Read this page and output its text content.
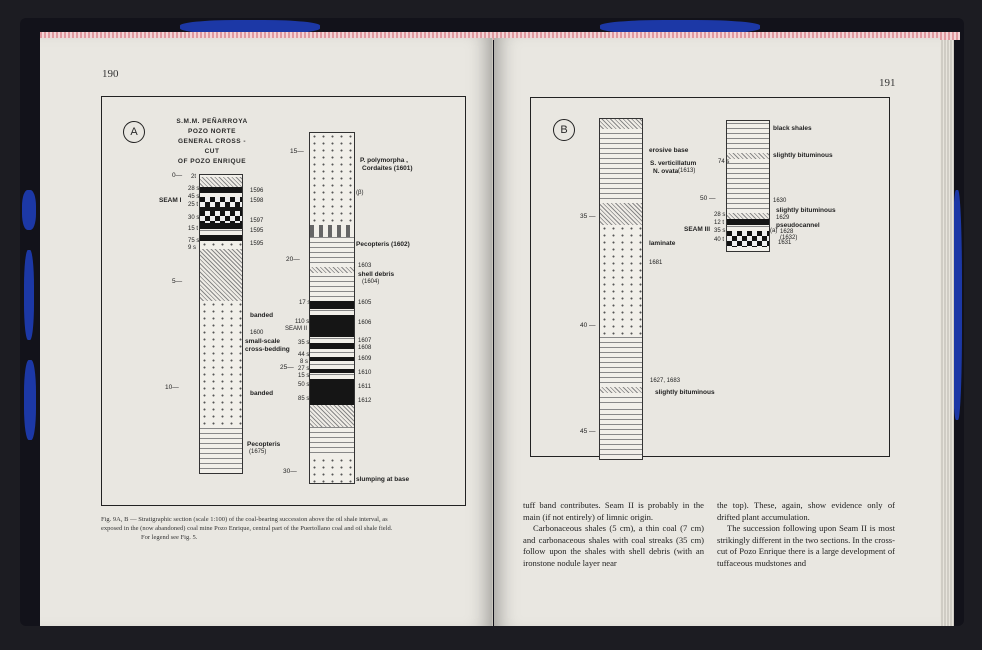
190
A
S.M.M. PEÑARROYA
POZO NORTE
GENERAL CROSS - CUT
OF POZO ENRIQUE
0—
5—
10—
SEAM I
2t
28 s
45 s
25 t
30 s
15 t
75 s
9 s
1596
1598
1597
1595
1595
banded
1600
small-scale
cross-bedding
banded
Pecopteris
(1675)
15—
20—
25—
30—
P. polymorpha ,
Cordaites (1601)
(β)
Pecopteris (1602)
1603
shell debris
(1604)
1605
1606
1607
1608
1609
1610
1611
1612
slumping at base
17 s
110 s
SEAM II
35 s
44 s
8 s
27 s
15 s
50 s
85 s
Fig. 9A, B — Stratigraphic section (scale 1:100) of the coal-bearing succession above the oil shale interval, as
exposed in the (now abandoned) coal mine Pozo Enrique, central part of the Puertollano coal and oil shale field.
For legend see Fig. 5.
191
B
35 —
40 —
45 —
erosive base
S. verticillatum
N. ovata (1613)
laminate
1681
1627, 1683
slightly bituminous
50 —
SEAM III
black shales
slightly bituminous
1630
slightly bituminous
1629
pseudocannel
1628
(1632)
1631
74 s
28 s
12 t
35 s
40 t
(a)

tuff band contributes. Seam II is probably in the main (if not entirely) of limnic origin.

Carbonaceous shales (5 cm), a thin coal (7 cm) and carbonaceous shales with coal streaks (35 cm) follow upon the shales with shell debris (with an ironstone nodule layer near

the top). These, again, show evidence only of drifted plant accumulation.

The succession following upon Seam II is most strikingly different in the two sections. In the cross-cut of Pozo Enrique there is a large development of tuffaceous mudstones and
